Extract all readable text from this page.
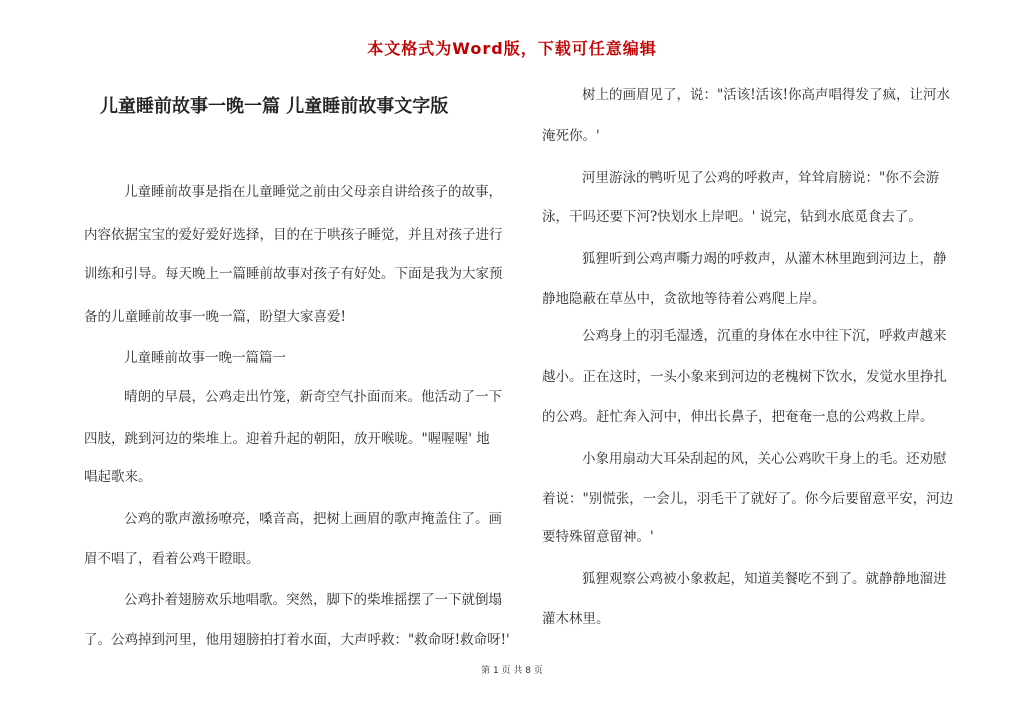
本文格式为Word版，下载可任意编辑
儿童睡前故事一晚一篇 儿童睡前故事文字版
儿童睡前故事是指在儿童睡觉之前由父母亲自讲给孩子的故事，
内容依据宝宝的爱好爱好选择，目的在于哄孩子睡觉，并且对孩子进行
训练和引导。每天晚上一篇睡前故事对孩子有好处。下面是我为大家预
备的儿童睡前故事一晚一篇，盼望大家喜爱!
儿童睡前故事一晚一篇篇一
晴朗的早晨，公鸡走出竹笼，新奇空气扑面而来。他活动了一下
四肢，跳到河边的柴堆上。迎着升起的朝阳，放开喉咙。"喔喔喔' 地
唱起歌来。
公鸡的歌声激扬嘹亮，嗓音高，把树上画眉的歌声掩盖住了。画
眉不唱了，看着公鸡干瞪眼。
公鸡扑着翅膀欢乐地唱歌。突然，脚下的柴堆摇摆了一下就倒塌
了。公鸡掉到河里，他用翅膀拍打着水面，大声呼救："救命呀!救命呀!'
树上的画眉见了，说："活该!活该!你高声唱得发了疯，让河水
淹死你。'
河里游泳的鸭听见了公鸡的呼救声，耸耸肩膀说："你不会游
泳，干吗还要下河?快划水上岸吧。' 说完，钻到水底觅食去了。
狐狸听到公鸡声嘶力竭的呼救声，从灌木林里跑到河边上，静
静地隐蔽在草丛中，贪欲地等待着公鸡爬上岸。
公鸡身上的羽毛湿透，沉重的身体在水中往下沉，呼救声越来
越小。正在这时，一头小象来到河边的老槐树下饮水，发觉水里挣扎
的公鸡。赶忙奔入河中，伸出长鼻子，把奄奄一息的公鸡救上岸。
小象用扇动大耳朵刮起的风，关心公鸡吹干身上的毛。还劝慰
着说："别慌张，一会儿，羽毛干了就好了。你今后要留意平安，河边
要特殊留意留神。'
狐狸观察公鸡被小象救起，知道美餐吃不到了。就静静地溜进
灌木林里。
第 1 页 共 8 页
